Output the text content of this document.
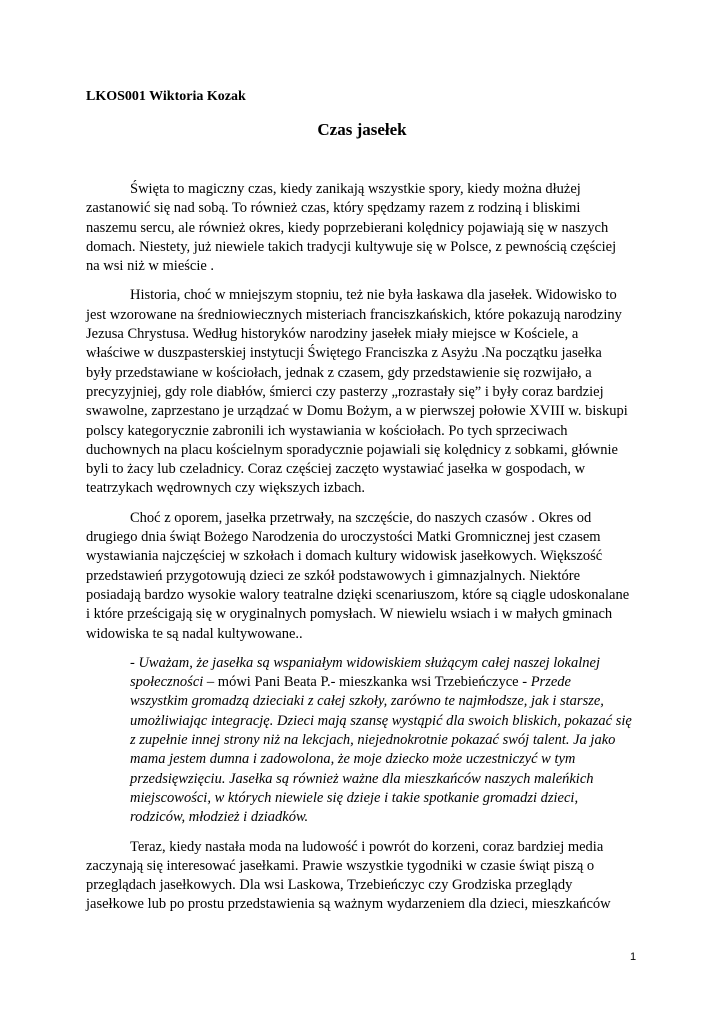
LKOS001 Wiktoria Kozak
Czas jasełek

Święta to magiczny czas, kiedy zanikają wszystkie spory, kiedy można dłużej
zastanowić się nad sobą. To również czas, który spędzamy razem z rodziną i bliskimi
naszemu sercu, ale również okres, kiedy poprzebierani kolędnicy pojawiają się w naszych
domach. Niestety, już niewiele takich tradycji kultywuje się w Polsce, z pewnością częściej
na wsi niż w mieście .

Historia, choć w mniejszym stopniu, też nie była łaskawa dla jasełek. Widowisko to
jest wzorowane na średniowiecznych misteriach franciszkańskich, które pokazują narodziny
Jezusa Chrystusa. Według historyków narodziny jasełek miały miejsce w Kościele, a
właściwe w duszpasterskiej instytucji Świętego Franciszka z Asyżu .Na początku jasełka
były przedstawiane w kościołach, jednak z czasem, gdy przedstawienie się rozwijało, a
precyzyjniej, gdy role diabłów, śmierci czy pasterzy „rozrastały się” i były coraz bardziej
swawolne, zaprzestano je urządzać w Domu Bożym, a w pierwszej połowie XVIII w. biskupi
polscy kategorycznie zabronili ich wystawiania w kościołach. Po tych sprzeciwach
duchownych na placu kościelnym sporadycznie pojawiali się kolędnicy z sobkami, głównie
byli to żacy lub czeladnicy. Coraz częściej zaczęto wystawiać jasełka w gospodach, w
teatrzykach wędrownych czy większych izbach.

Choć z oporem, jasełka przetrwały, na szczęście, do naszych czasów . Okres od
drugiego dnia świąt Bożego Narodzenia do uroczystości Matki Gromnicznej jest czasem
wystawiania najczęściej w szkołach i domach kultury widowisk jasełkowych. Większość
przedstawień przygotowują dzieci ze szkół podstawowych i gimnazjalnych. Niektóre
posiadają bardzo wysokie walory teatralne dzięki scenariuszom, które są ciągle udoskonalane
i które prześcigają się w oryginalnych pomysłach. W niewielu wsiach i w małych gminach
widowiska te są nadal kultywowane..

- Uważam, że jasełka są wspaniałym widowiskiem służącym całej naszej lokalnej
społeczności – mówi Pani Beata P.- mieszkanka wsi Trzebieńczyce - Przede
wszystkim gromadzą dzieciaki z całej szkoły, zarówno te najmłodsze, jak i starsze,
umożliwiając integrację. Dzieci mają szansę wystąpić dla swoich bliskich, pokazać się
z zupełnie innej strony niż na lekcjach, niejednokrotnie pokazać swój talent. Ja jako
mama jestem dumna i zadowolona, że moje dziecko może uczestniczyć w tym
przedsięwzięciu. Jasełka są również ważne dla mieszkańców naszych maleńkich
miejscowości, w których niewiele się dzieje i takie spotkanie gromadzi dzieci,
rodziców, młodzież i dziadków.

Teraz, kiedy nastała moda na ludowość i powrót do korzeni, coraz bardziej media
zaczynają się interesować jasełkami. Prawie wszystkie tygodniki w czasie świąt piszą o
przeglądach jasełkowych. Dla wsi Laskowa, Trzebieńczyc czy Grodziska przeglądy
jasełkowe lub po prostu przedstawienia są ważnym wydarzeniem dla dzieci, mieszkańców

1
